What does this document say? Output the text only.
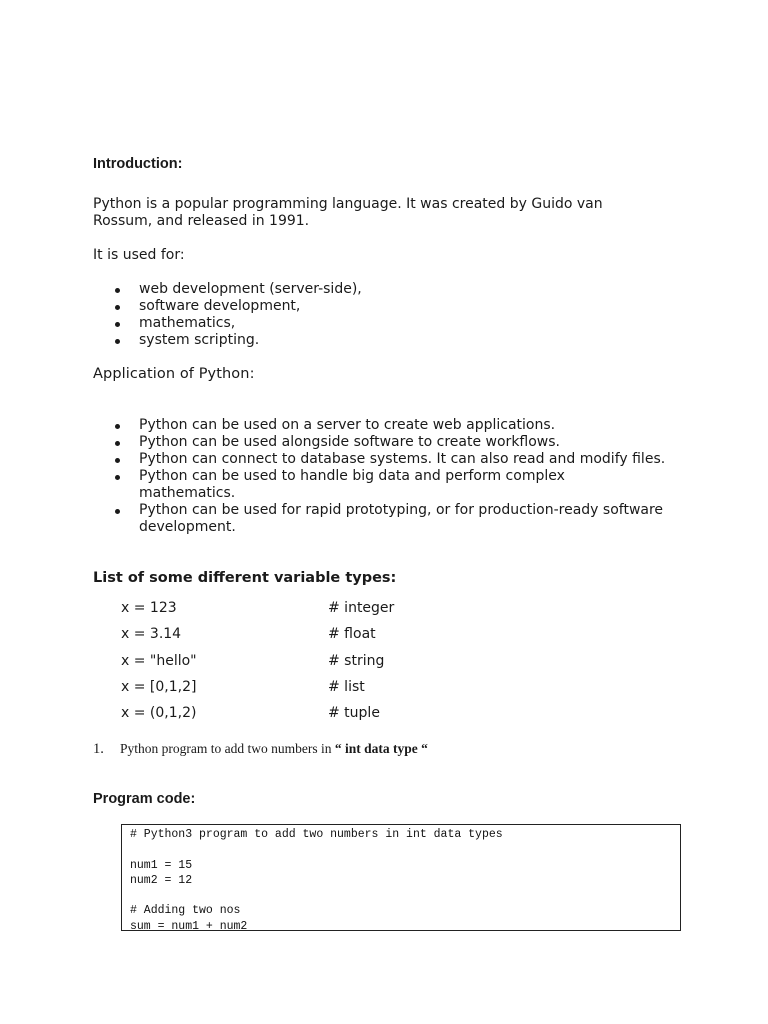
Introduction:

Python is a popular programming language. It was created by Guido van Rossum, and released in 1991.

It is used for:

web development (server-side),
software development,
mathematics,
system scripting.
Application of Python:
Python can be used on a server to create web applications.
Python can be used alongside software to create workflows.
Python can connect to database systems. It can also read and modify files.
Python can be used to handle big data and perform complex mathematics.
Python can be used for rapid prototyping, or for production-ready software development.
List of some different variable types:
x = 123	# integer
x = 3.14	# float
x = "hello"	# string
x = [0,1,2]	# list
x = (0,1,2)	# tuple
1. Python program to add two numbers in “ int data type “
Program code:
# Python3 program to add two numbers in int data types

num1 = 15
num2 = 12

# Adding two nos
sum = num1 + num2
